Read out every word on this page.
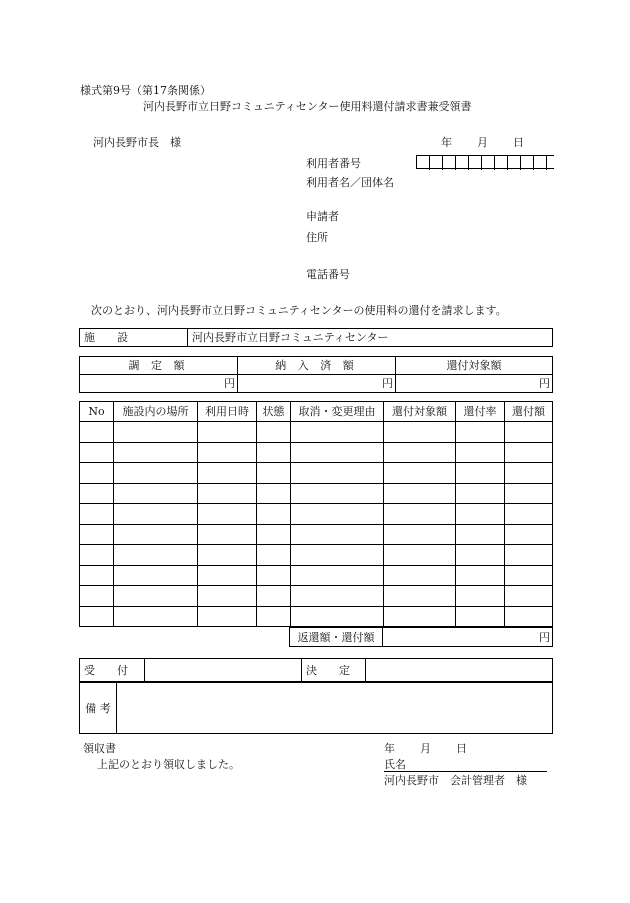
様式第9号（第17条関係）
河内長野市立日野コミュニティセンター使用料還付請求書兼受領書
河内長野市長　様	年 月 日
利用者番号
利用者名／団体名
申請者
住所
電話番号
次のとおり、河内長野市立日野コミュニティセンターの使用料の還付を請求します。
施　　設	河内長野市立日野コミュニティセンター
調 定 額	納 入 済 額	還付対象額
円	円	円
No	施設内の場所	利用日時	状態	取消・変更理由	還付対象額	還付率	還付額

返還額・還付額	円
受　　付		決　　定	
備 考	
領収書
上記のとおり領収しました。
年 月 日
氏名
河内長野市　会計管理者　様
